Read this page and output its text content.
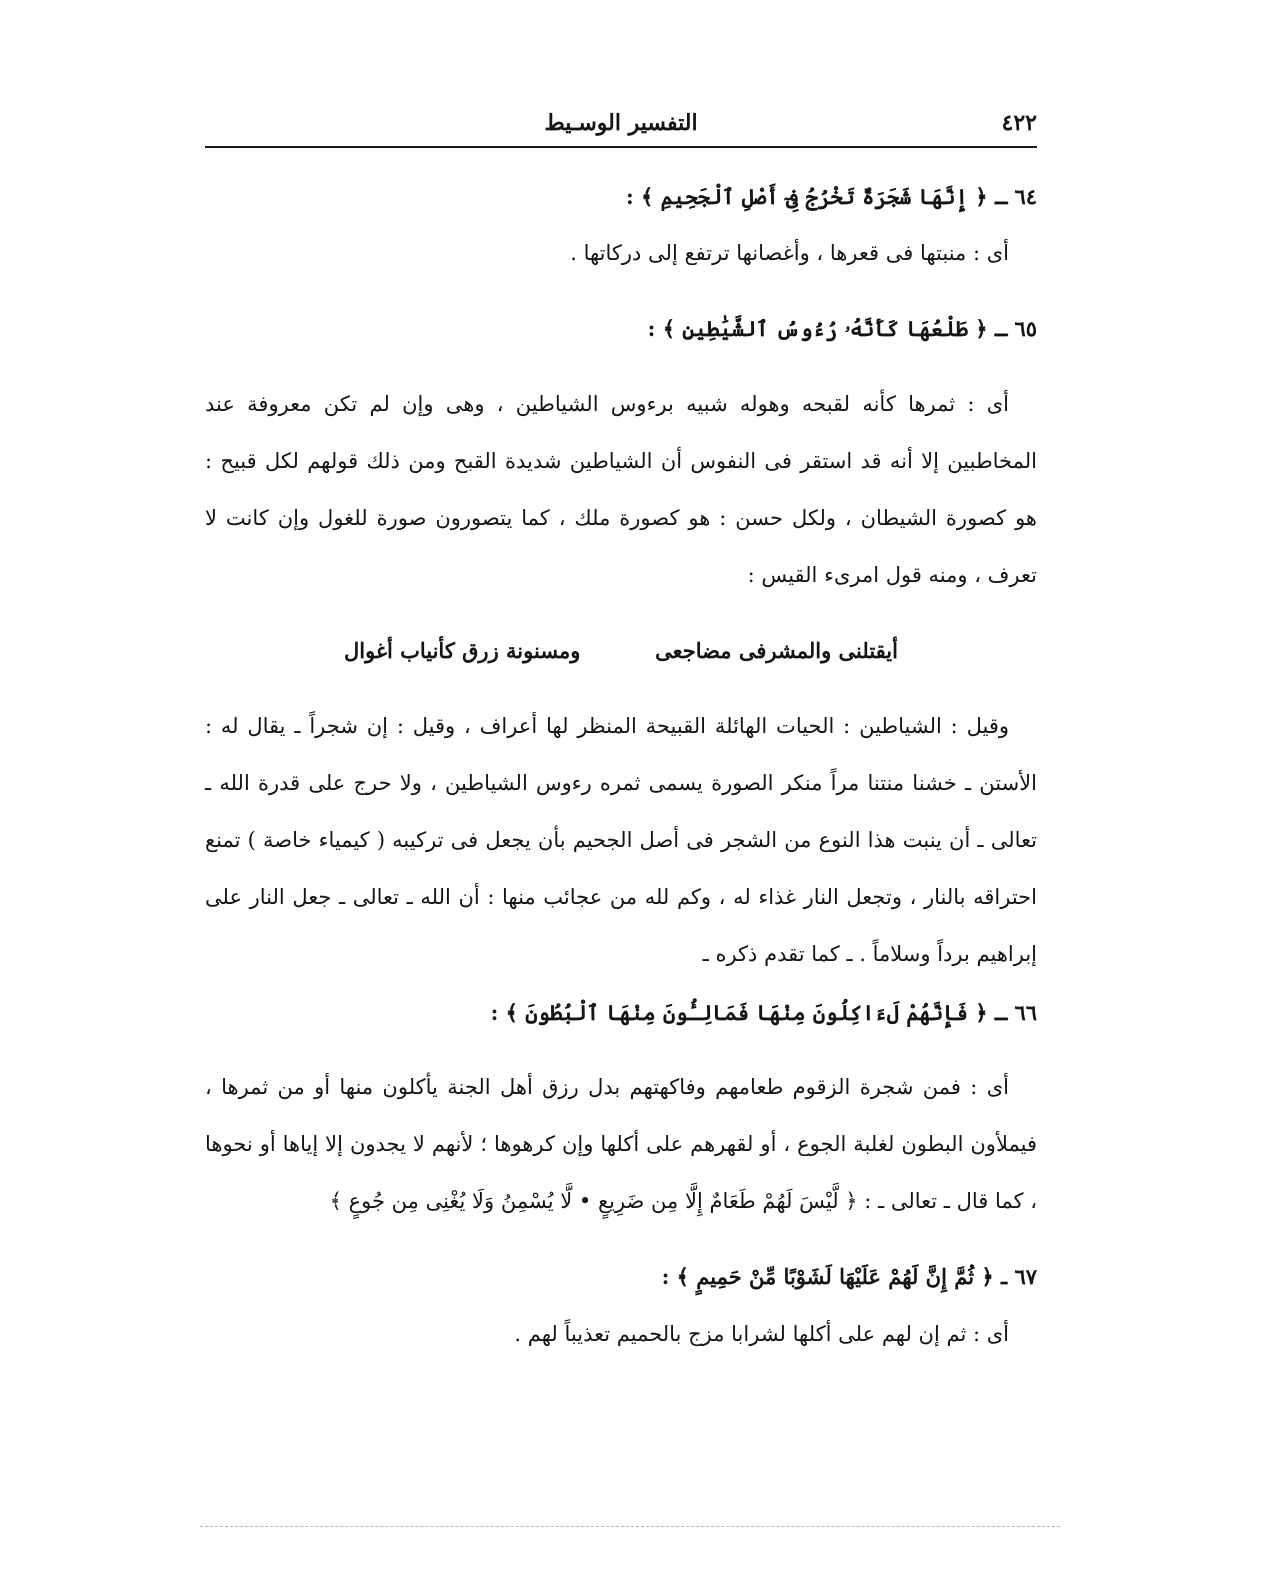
٤٢٢
التفسير الوسـيط

٦٤ ـ ﴿ إِنَّهَا شَجَرَةٌ تَخْرُجُ فِىٓ أَصْلِ ٱلْجَحِيمِ ﴾ :

أى : منبتها فى قعرها ، وأغصانها ترتفع إلى دركاتها .

٦٥ ـ ﴿ طَلْعُهَا كَأَنَّهُۥ رُءُوسُ ٱلشَّيَٰطِينِ ﴾ :

أى : ثمرها كأنه لقبحه وهوله شبيه برءوس الشياطين ، وهى وإن لم تكن معروفة عند المخاطبين إلا أنه قد استقر فى النفوس أن الشياطين شديدة القبح ومن ذلك قولهم لكل قبيح : هو كصورة الشيطان ، ولكل حسن : هو كصورة ملك ، كما يتصورون صورة للغول وإن كانت لا تعرف ، ومنه قول امرىء القيس :

أيقتلنى والمشرفى مضاجعى  ومسنونة زرق كأنياب أغوال

وقيل : الشياطين : الحيات الهائلة القبيحة المنظر لها أعراف ، وقيل : إن شجراً ـ يقال له : الأستن ـ خشنا منتنا مراً منكر الصورة يسمى ثمره رءوس الشياطين ، ولا حرج على قدرة الله ـ تعالى ـ أن ينبت هذا النوع من الشجر فى أصل الجحيم بأن يجعل فى تركيبه ( كيمياء خاصة ) تمنع احتراقه بالنار ، وتجعل النار غذاء له ، وكم لله من عجائب منها : أن الله ـ تعالى ـ جعل النار على إبراهيم برداً وسلاماً . ـ كما تقدم ذكره ـ

٦٦ ـ ﴿ فَإِنَّهُمْ لَءَاكِلُونَ مِنْهَا فَمَالِـُٔونَ مِنْهَا ٱلْبُطُونَ ﴾ :

أى : فمن شجرة الزقوم طعامهم وفاكهتهم بدل رزق أهل الجنة يأكلون منها أو من ثمرها ، فيملأون البطون لغلبة الجوع ، أو لقهرهم على أكلها وإن كرهوها ؛ لأنهم لا يجدون إلا إياها أو نحوها ، كما قال ـ تعالى ـ : ﴿ لَّيْسَ لَهُمْ طَعَامٌ إِلَّا مِن ضَرِيعٍ • لَّا يُسْمِنُ وَلَا يُغْنِى مِن جُوعٍ ﴾

٦٧ ـ ﴿ ثُمَّ إِنَّ لَهُمْ عَلَيْهَا لَشَوْبًا مِّنْ حَمِيمٍ ﴾ :

أى : ثم إن لهم على أكلها لشرابا مزج بالحميم تعذيباً لهم .
